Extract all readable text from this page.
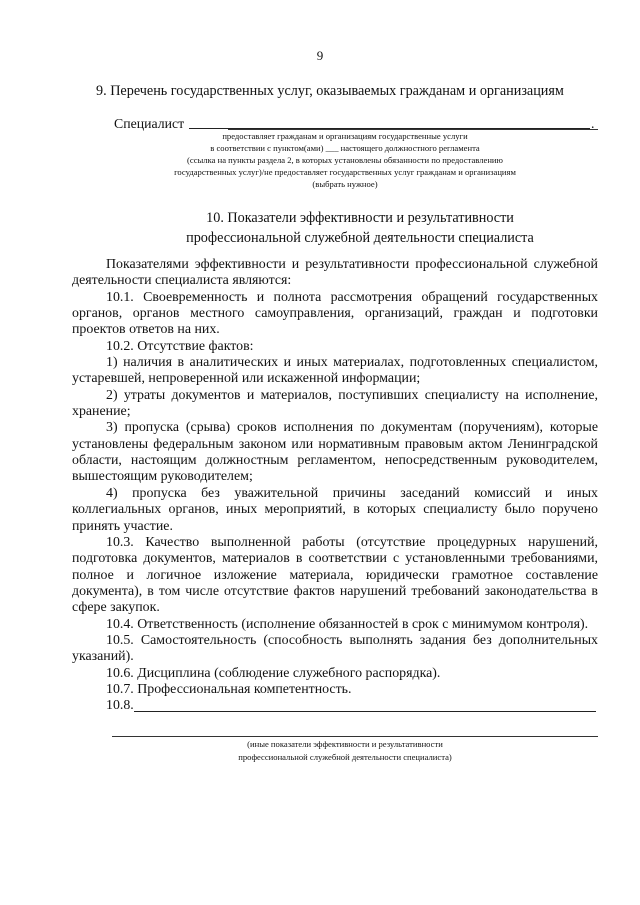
9
9. Перечень государственных услуг, оказываемых гражданам и организациям
Специалист	.
предоставляет гражданам и организациям государственные услуги
в соответствии с пунктом(ами) ___ настоящего должностного регламента
(ссылка на пункты раздела 2, в которых установлены обязанности по предоставлению
государственных услуг)/не предоставляет государственных услуг гражданам и организациям
(выбрать нужное)
10. Показатели эффективности и результативности
профессиональной служебной деятельности специалиста

Показателями эффективности и результативности профессиональной служебной деятельности специалиста являются:

10.1. Своевременность и полнота рассмотрения обращений государственных органов, органов местного самоуправления, организаций, граждан и подготовки проектов ответов на них.

10.2. Отсутствие фактов:

1) наличия в аналитических и иных материалах, подготовленных специалистом, устаревшей, непроверенной или искаженной информации;

2) утраты документов и материалов, поступивших специалисту на исполнение, хранение;

3) пропуска (срыва) сроков исполнения по документам (поручениям), которые установлены федеральным законом или нормативным правовым актом Ленинградской области, настоящим должностным регламентом, непосредственным руководителем, вышестоящим руководителем;

4) пропуска без уважительной причины заседаний комиссий и иных коллегиальных органов, иных мероприятий, в которых специалисту было поручено принять участие.

10.3. Качество выполненной работы (отсутствие процедурных нарушений, подготовка документов, материалов в соответствии с установленными требованиями, полное и логичное изложение материала, юридически грамотное составление документа), в том числе отсутствие фактов нарушений требований законодательства в сфере закупок.

10.4. Ответственность (исполнение обязанностей в срок с минимумом контроля).

10.5. Самостоятельность (способность выполнять задания без дополнительных указаний).

10.6. Дисциплина (соблюдение служебного распорядка).

10.7. Профессиональная компетентность.

10.8.
(иные показатели эффективности и результативности
профессиональной служебной деятельности специалиста)
